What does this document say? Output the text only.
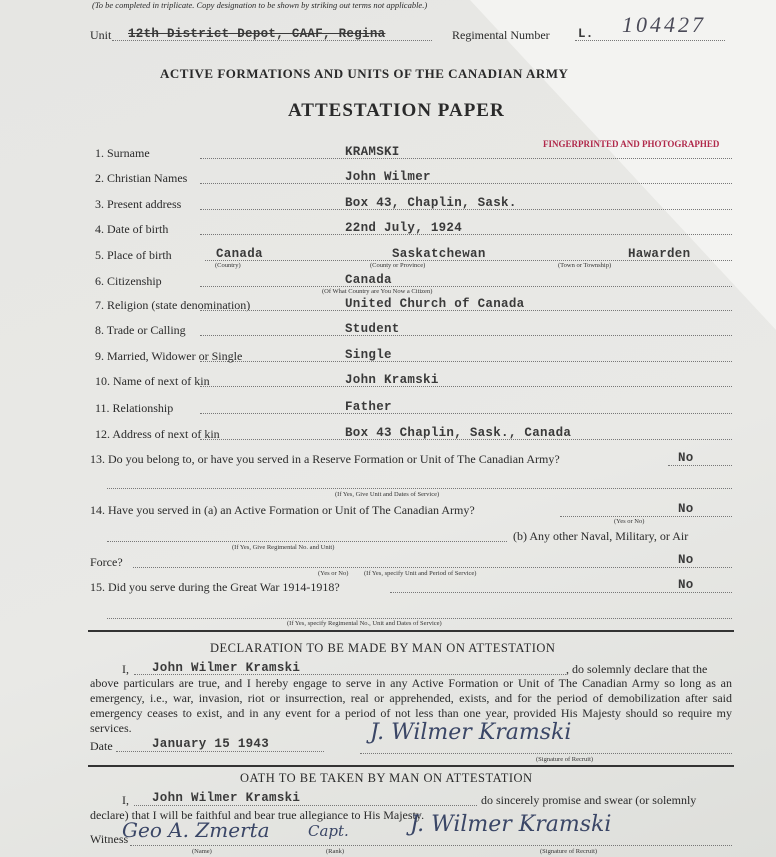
(To be completed in triplicate. Copy designation to be shown by striking out terms not applicable.)
Unit 12th District Depot, CAAF, Regina	Regimental Number L. 104427
ACTIVE FORMATIONS AND UNITS OF THE CANADIAN ARMY
ATTESTATION PAPER
FINGERPRINTED AND PHOTOGRAPHED
1. Surname	KRAMSKI
2. Christian Names	John Wilmer
3. Present address	Box 43, Chaplin, Sask.
4. Date of birth	22nd July, 1924
5. Place of birth	Canada	Saskatchewan	Hawarden
(Country)	(County or Province)	(Town or Township)
6. Citizenship	Canada
(Of What Country are You Now a Citizen)
7. Religion (state denomination)	United Church of Canada
8. Trade or Calling	Student
9. Married, Widower or Single	Single
10. Name of next of kin	John Kramski
11. Relationship	Father
12. Address of next of kin	Box 43 Chaplin, Sask., Canada
13. Do you belong to, or have you served in a Reserve Formation or Unit of The Canadian Army?	No
(If Yes, Give Unit and Dates of Service)
14. Have you served in (a) an Active Formation or Unit of The Canadian Army?	No
(Yes or No)
(b) Any other Naval, Military, or Air
(If Yes, Give Regimental No. and Unit)
Force?	No
(Yes or No) (If Yes, specify Unit and Period of Service)
15. Did you serve during the Great War 1914-1918?	No
(If Yes, specify Regimental No., Unit and Dates of Service)
DECLARATION TO BE MADE BY MAN ON ATTESTATION
I, John Wilmer Kramski	, do solemnly declare that the
above particulars are true, and I hereby engage to serve in any Active Formation or Unit of The Canadian Army so long as an emergency, i.e., war, invasion, riot or insurrection, real or apprehended, exists, and for the period of demobilization after said emergency ceases to exist, and in any event for a period of not less than one year, provided His Majesty should so require my services.
Date	January 15 1943	J. Wilmer Kramski
(Signature of Recruit)
OATH TO BE TAKEN BY MAN ON ATTESTATION
I, John Wilmer Kramski	do sincerely promise and swear (or solemnly
declare) that I will be faithful and bear true allegiance to His Majesty.
Witness
Geo A. Zmerta	Capt.	J. Wilmer Kramski
(Name)	(Rank)	(Signature of Recruit)
